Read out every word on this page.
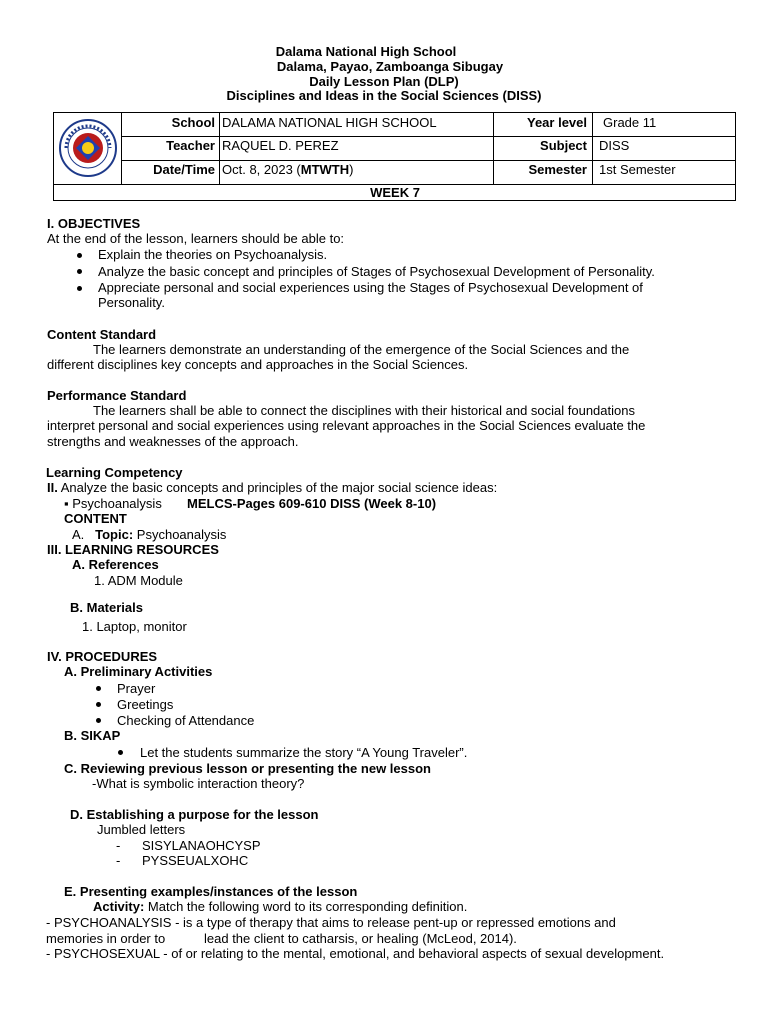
Dalama National High School
Dalama, Payao, Zamboanga Sibugay
Daily Lesson Plan (DLP)
Disciplines and Ideas in the Social Sciences (DISS)
School DALAMA NATIONAL HIGH SCHOOL	Year level Grade 11
Teacher RAQUEL D. PEREZ	Subject DISS
Date/Time Oct. 8, 2023 (MTWTH)	Semester 1st Semester
WEEK 7
I. OBJECTIVES
At the end of the lesson, learners should be able to:
Explain the theories on Psychoanalysis.
Analyze the basic concept and principles of Stages of Psychosexual Development of Personality.
Appreciate personal and social experiences using the Stages of Psychosexual Development of
Personality.
Content Standard
The learners demonstrate an understanding of the emergence of the Social Sciences and the
different disciplines key concepts and approaches in the Social Sciences.
Performance Standard
The learners shall be able to connect the disciplines with their historical and social foundations
interpret personal and social experiences using relevant approaches in the Social Sciences evaluate the
strengths and weaknesses of the approach.
Learning Competency
II. Analyze the basic concepts and principles of the major social science ideas:
▪ Psychoanalysis MELCS-Pages 609-610 DISS (Week 8-10)
CONTENT
A. Topic: Psychoanalysis
III. LEARNING RESOURCES
A. References
1. ADM Module
B. Materials
1. Laptop, monitor
IV. PROCEDURES
A. Preliminary Activities
Prayer
Greetings
Checking of Attendance
B. SIKAP
Let the students summarize the story “A Young Traveler”.
C. Reviewing previous lesson or presenting the new lesson
-What is symbolic interaction theory?
D. Establishing a purpose for the lesson
Jumbled letters
-      SISYLANAOHCYSP
-      PYSSEUALXOHC
E. Presenting examples/instances of the lesson
Activity: Match the following word to its corresponding definition.
- PSYCHOANALYSIS - is a type of therapy that aims to release pent-up or repressed emotions and
memories in order to	lead the client to catharsis, or healing (McLeod, 2014).
- PSYCHOSEXUAL - of or relating to the mental, emotional, and behavioral aspects of sexual development.
